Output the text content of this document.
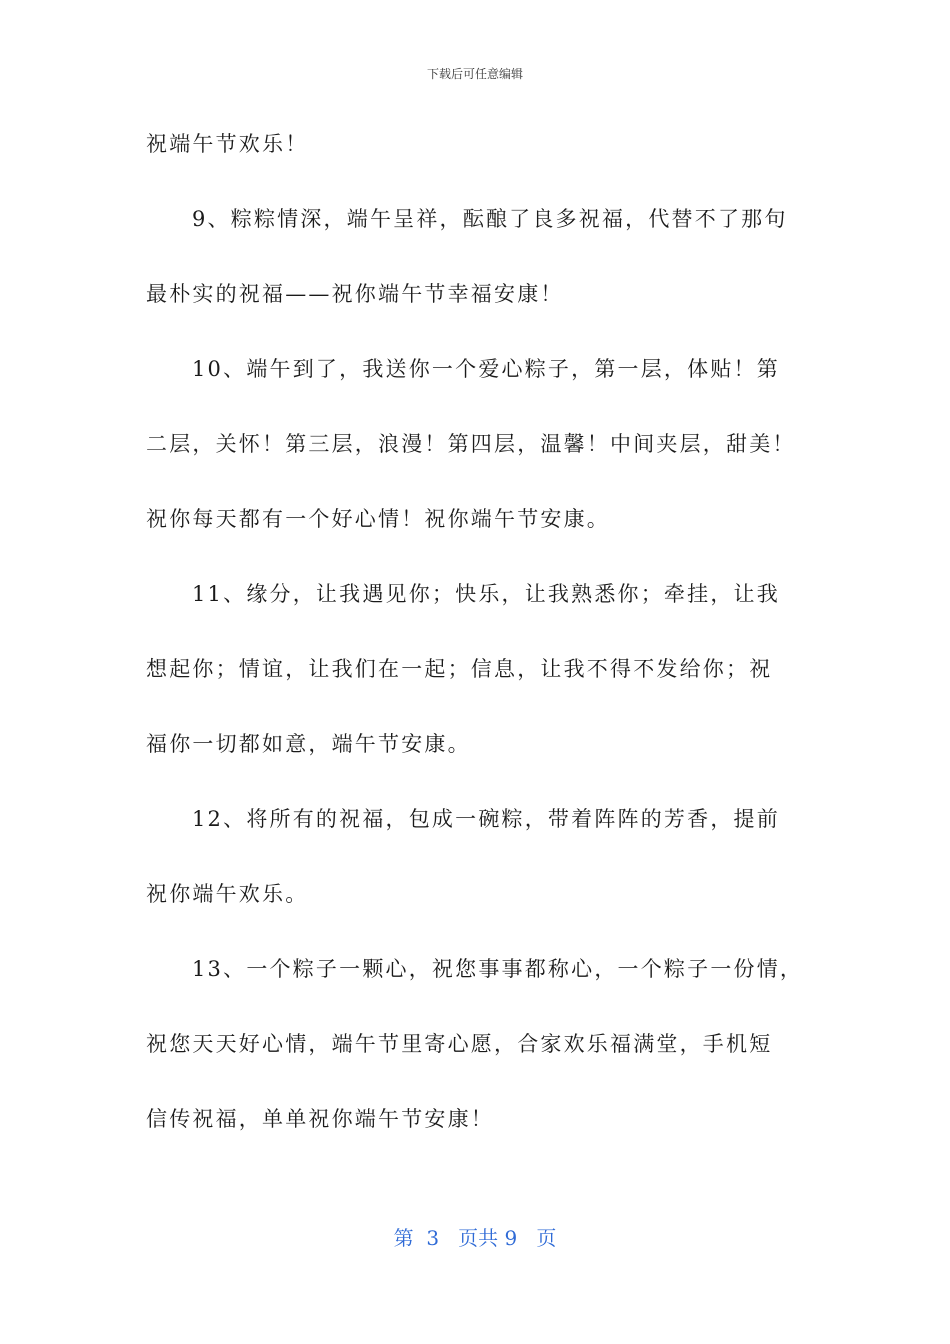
下载后可任意编辑
祝端午节欢乐！
9、粽粽情深，端午呈祥，酝酿了良多祝福，代替不了那句
最朴实的祝福——祝你端午节幸福安康！
10、端午到了，我送你一个爱心粽子，第一层，体贴！第
二层，关怀！第三层，浪漫！第四层，温馨！中间夹层，甜美！
祝你每天都有一个好心情！祝你端午节安康。
11、缘分，让我遇见你；快乐，让我熟悉你；牵挂，让我
想起你；情谊，让我们在一起；信息，让我不得不发给你；祝
福你一切都如意，端午节安康。
12、将所有的祝福，包成一碗粽，带着阵阵的芳香，提前
祝你端午欢乐。
13、一个粽子一颗心，祝您事事都称心，一个粽子一份情，
祝您天天好心情，端午节里寄心愿，合家欢乐福满堂，手机短
信传祝福，单单祝你端午节安康！
第  3   页共 9   页
